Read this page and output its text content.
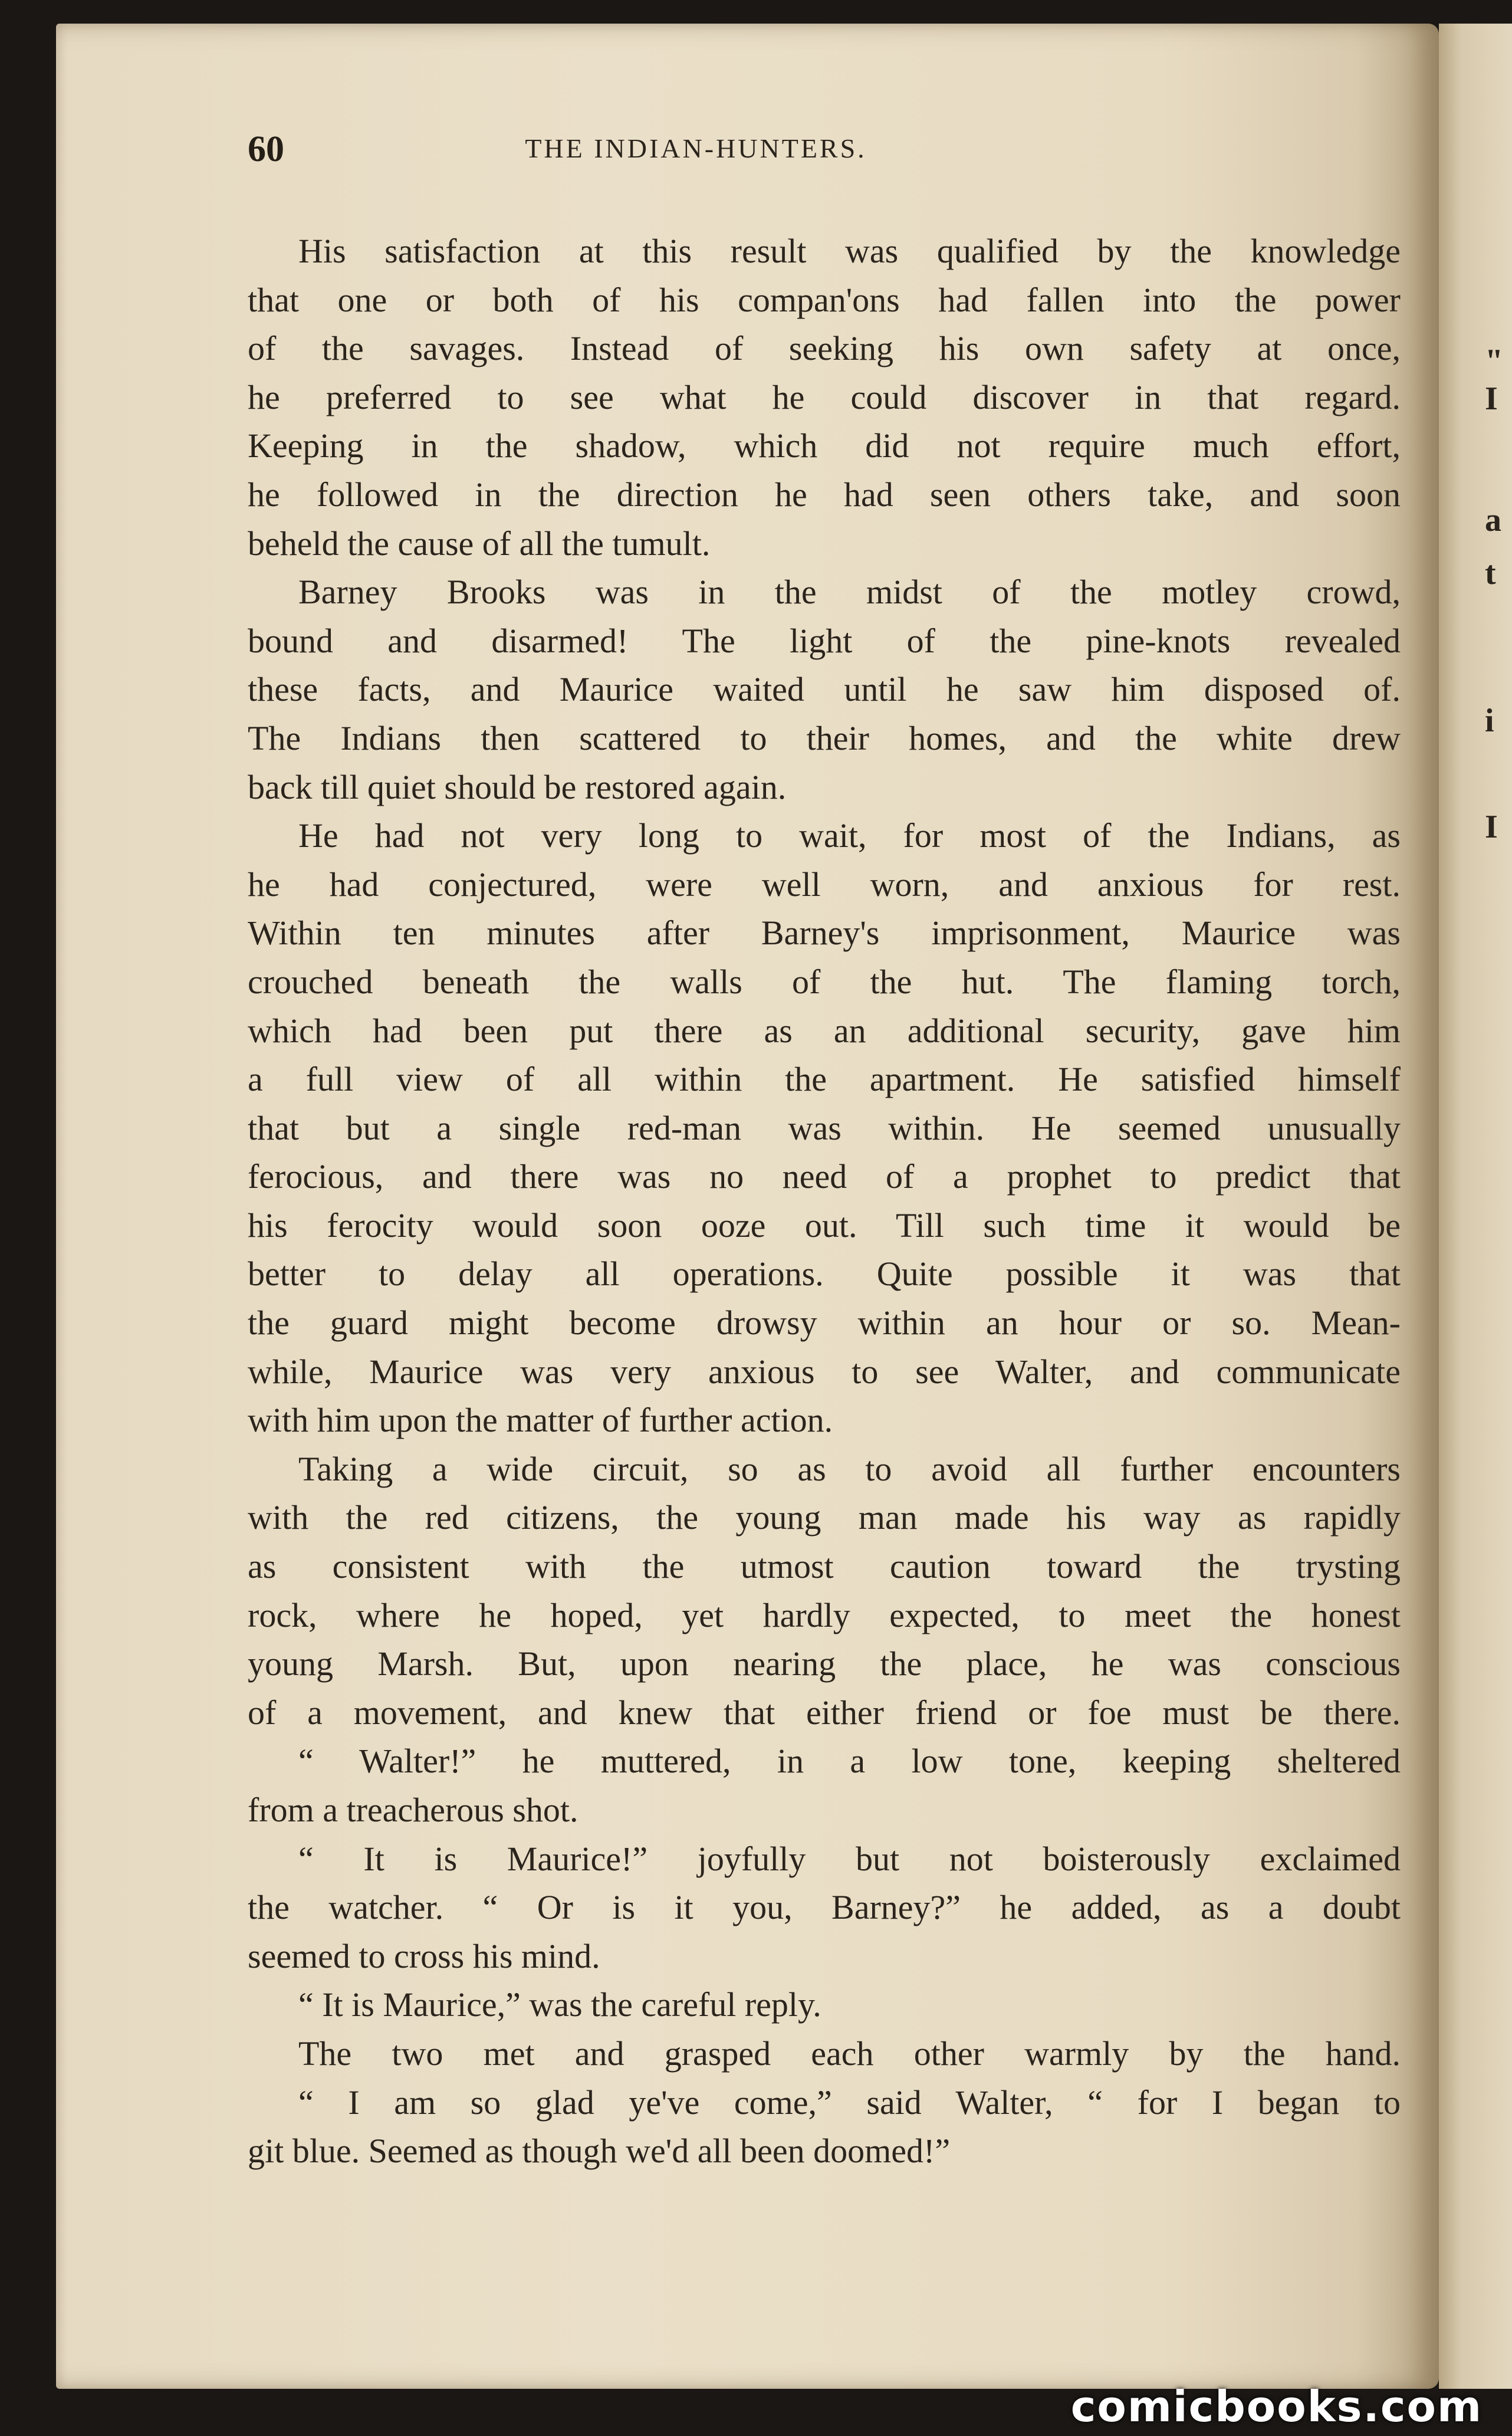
" I
a
t
i
I
60	THE INDIAN-HUNTERS.
His satisfaction at this result was qualified by the knowledge
that one or both of his compan'ons had fallen into the power
of the savages. Instead of seeking his own safety at once,
he preferred to see what he could discover in that regard.
Keeping in the shadow, which did not require much effort,
he followed in the direction he had seen others take, and soon
beheld the cause of all the tumult.
Barney Brooks was in the midst of the motley crowd,
bound and disarmed! The light of the pine-knots revealed
these facts, and Maurice waited until he saw him disposed of.
The Indians then scattered to their homes, and the white drew
back till quiet should be restored again.
He had not very long to wait, for most of the Indians, as
he had conjectured, were well worn, and anxious for rest.
Within ten minutes after Barney's imprisonment, Maurice was
crouched beneath the walls of the hut. The flaming torch,
which had been put there as an additional security, gave him
a full view of all within the apartment. He satisfied himself
that but a single red-man was within. He seemed unusually
ferocious, and there was no need of a prophet to predict that
his ferocity would soon ooze out. Till such time it would be
better to delay all operations. Quite possible it was that
the guard might become drowsy within an hour or so. Mean-
while, Maurice was very anxious to see Walter, and communicate
with him upon the matter of further action.
Taking a wide circuit, so as to avoid all further encounters
with the red citizens, the young man made his way as rapidly
as consistent with the utmost caution toward the trysting
rock, where he hoped, yet hardly expected, to meet the honest
young Marsh. But, upon nearing the place, he was conscious
of a movement, and knew that either friend or foe must be there.
“ Walter!” he muttered, in a low tone, keeping sheltered
from a treacherous shot.
“ It is Maurice!” joyfully but not boisterously exclaimed
the watcher. “ Or is it you, Barney?” he added, as a doubt
seemed to cross his mind.
“ It is Maurice,” was the careful reply.
The two met and grasped each other warmly by the hand.
“ I am so glad ye've come,” said Walter, “ for I began to
git blue. Seemed as though we'd all been doomed!”
comicbooks.com
